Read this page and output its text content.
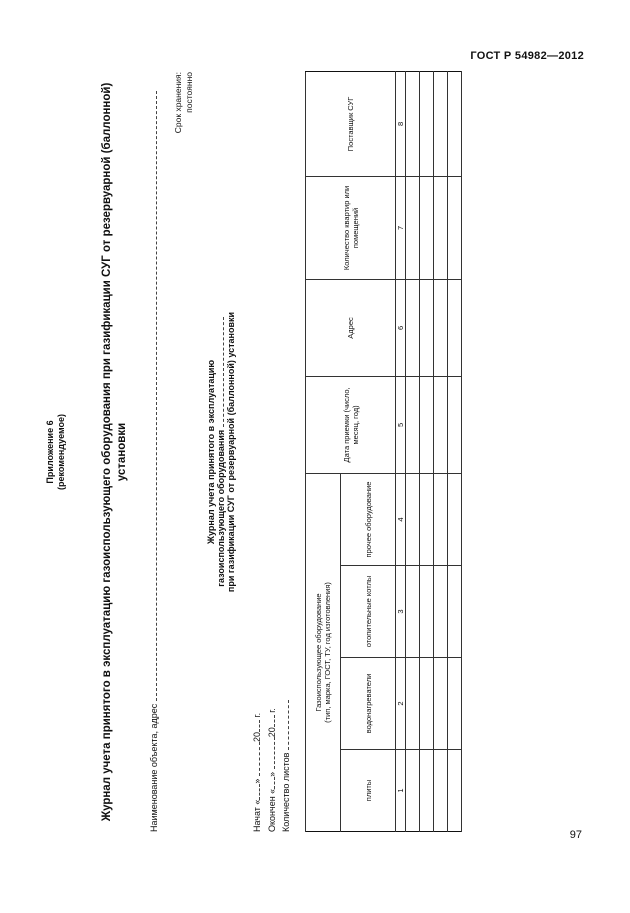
ГОСТ Р 54982—2012
Приложение 6 (рекомендуемое)	Журнал учета принятого в эксплуатацию газоиспользующего оборудования при газификации СУГ от резервуарной (баллонной) установки
Наименование объекта, адрес
Срок хранения: постоянно
Журнал учета принятого в эксплуатацию газоиспользующего оборудования при газификации СУГ от резервуарной (баллонной) установки
Начат «» 20 г.
Окончен «» 20 г.
Количество листов
Газоиспользующее оборудование
(тип, марка, ГОСТ, ТУ, год изготовления)				Дата приемки (число, месяц, год)	Адрес	Количество квартир или помещений	Поставщик СУГ
плиты	водонагреватели	отопительные котлы	прочее оборудование				
1	2	3	4	5	6	7	8

97
